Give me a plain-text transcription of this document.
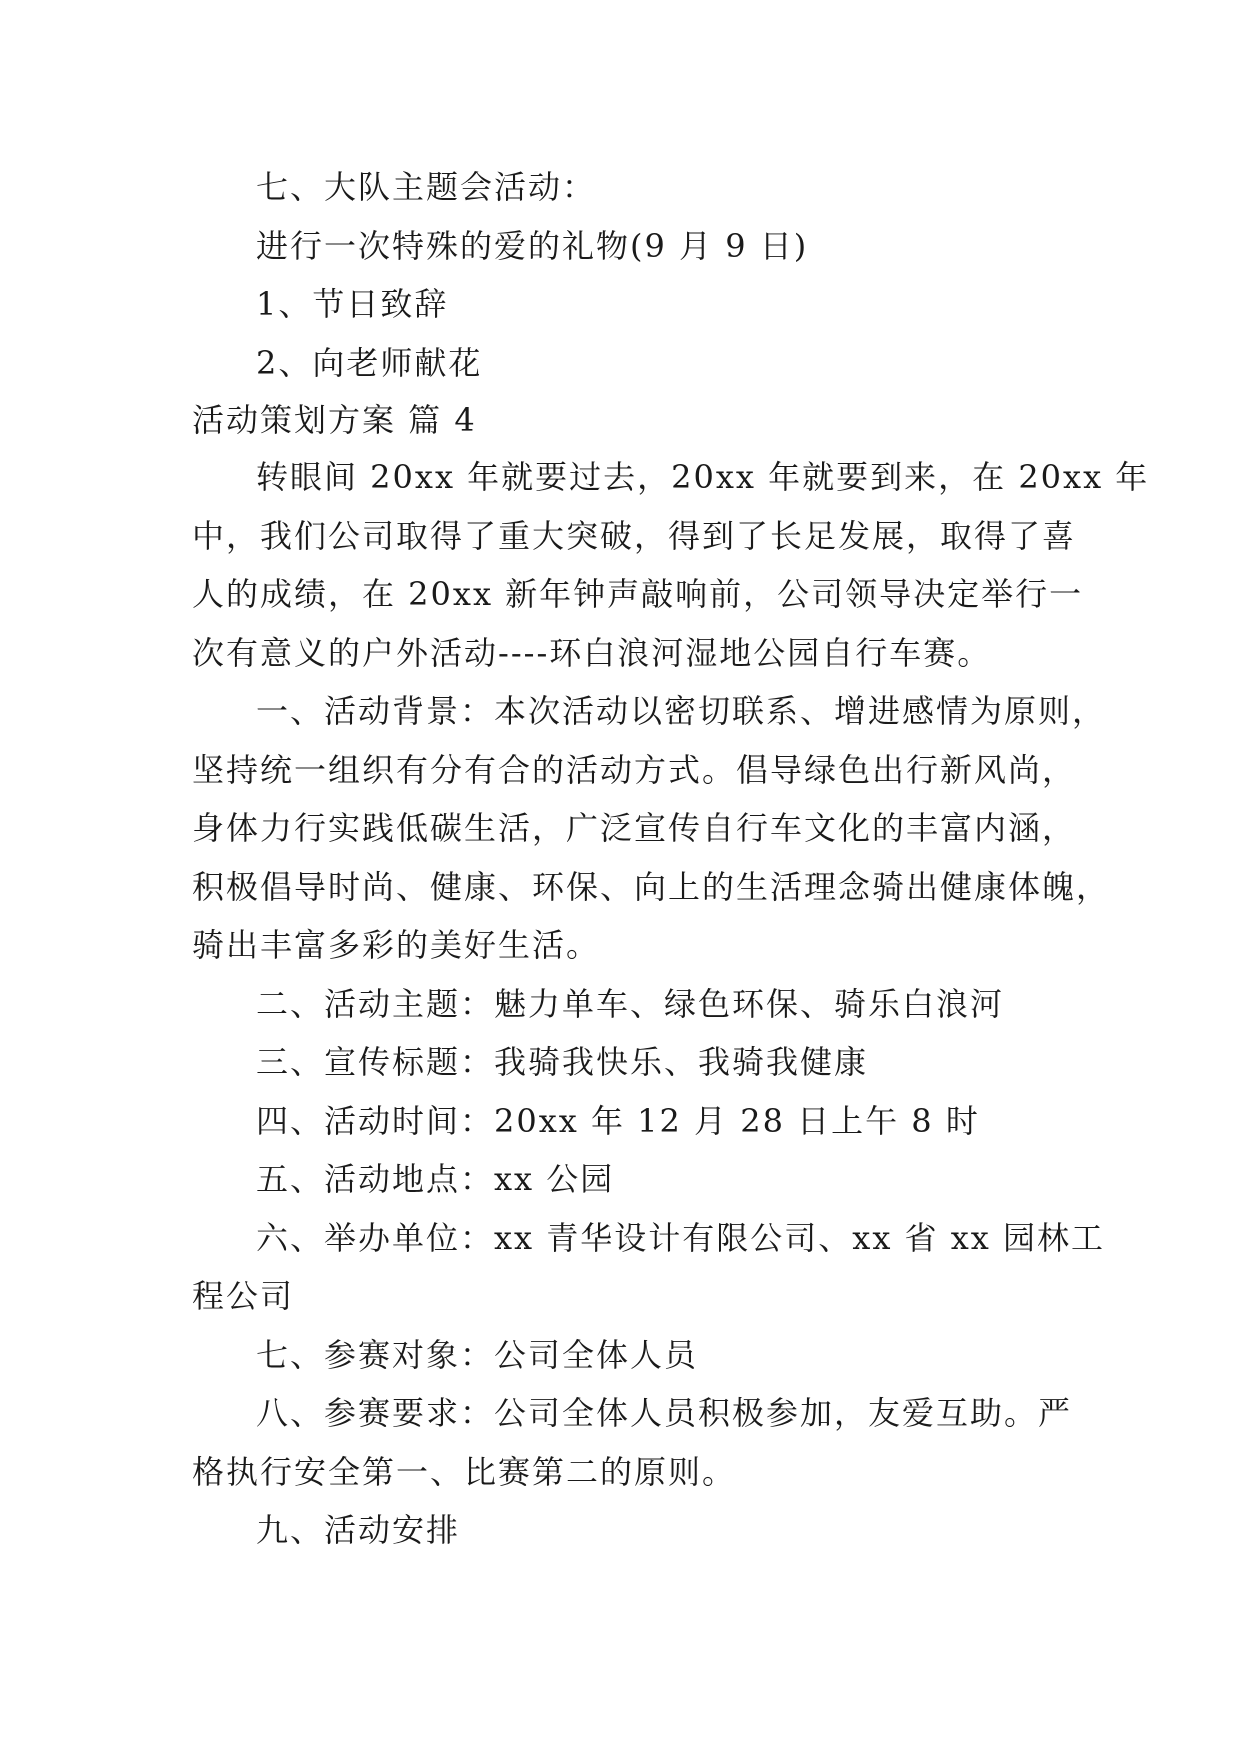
七、大队主题会活动：
进行一次特殊的爱的礼物(9 月 9 日)
1、节日致辞
2、向老师献花
活动策划方案 篇 4
转眼间 20xx 年就要过去，20xx 年就要到来，在 20xx 年
中，我们公司取得了重大突破，得到了长足发展，取得了喜
人的成绩，在 20xx 新年钟声敲响前，公司领导决定举行一
次有意义的户外活动----环白浪河湿地公园自行车赛。
一、活动背景：本次活动以密切联系、增进感情为原则，
坚持统一组织有分有合的活动方式。倡导绿色出行新风尚，
身体力行实践低碳生活，广泛宣传自行车文化的丰富内涵，
积极倡导时尚、健康、环保、向上的生活理念骑出健康体魄，
骑出丰富多彩的美好生活。
二、活动主题：魅力单车、绿色环保、骑乐白浪河
三、宣传标题：我骑我快乐、我骑我健康
四、活动时间：20xx 年 12 月 28 日上午 8 时
五、活动地点：xx 公园
六、举办单位：xx 青华设计有限公司、xx 省 xx 园林工
程公司
七、参赛对象：公司全体人员
八、参赛要求：公司全体人员积极参加，友爱互助。严
格执行安全第一、比赛第二的原则。
九、活动安排
